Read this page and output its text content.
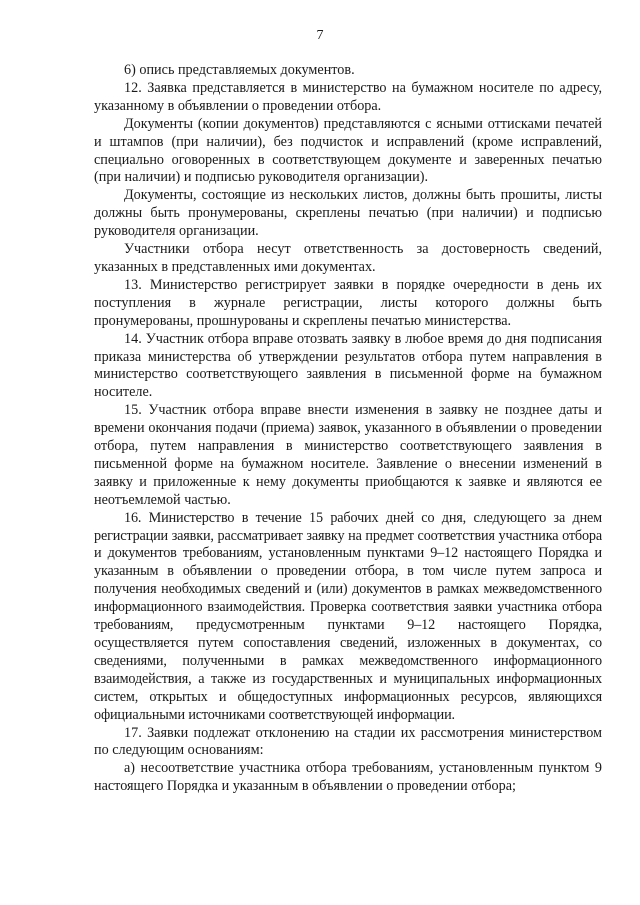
7

6) опись представляемых документов.

12. Заявка представляется в министерство на бумажном носителе по адресу, указанному в объявлении о проведении отбора.

Документы (копии документов) представляются с ясными оттисками печатей и штампов (при наличии), без подчисток и исправлений (кроме исправлений, специально оговоренных в соответствующем документе и заверенных печатью (при наличии) и подписью руководителя организации).

Документы, состоящие из нескольких листов, должны быть прошиты, листы должны быть пронумерованы, скреплены печатью (при наличии) и подписью руководителя организации.

Участники отбора несут ответственность за достоверность сведений, указанных в представленных ими документах.

13. Министерство регистрирует заявки в порядке очередности в день их поступления в журнале регистрации, листы которого должны быть пронумерованы, прошнурованы и скреплены печатью министерства.

14. Участник отбора вправе отозвать заявку в любое время до дня подписания приказа министерства об утверждении результатов отбора путем направления в министерство соответствующего заявления в письменной форме на бумажном носителе.

15. Участник отбора вправе внести изменения в заявку не позднее даты и времени окончания подачи (приема) заявок, указанного в объявлении о проведении отбора, путем направления в министерство соответствующего заявления в письменной форме на бумажном носителе. Заявление о внесении изменений в заявку и приложенные к нему документы приобщаются к заявке и являются ее неотъемлемой частью.

16. Министерство в течение 15 рабочих дней со дня, следующего за днем регистрации заявки, рассматривает заявку на предмет соответствия участника отбора и документов требованиям, установленным пунктами 9–12 настоящего Порядка и указанным в объявлении о проведении отбора, в том числе путем запроса и получения необходимых сведений и (или) документов в рамках межведомственного информационного взаимодействия. Проверка соответствия заявки участника отбора требованиям, предусмотренным пунктами 9–12 настоящего Порядка, осуществляется путем сопоставления сведений, изложенных в документах, со сведениями, полученными в рамках межведомственного информационного взаимодействия, а также из государственных и муниципальных информационных систем, открытых и общедоступных информационных ресурсов, являющихся официальными источниками соответствующей информации.

17. Заявки подлежат отклонению на стадии их рассмотрения министерством по следующим основаниям:

а) несоответствие участника отбора требованиям, установленным пунктом 9 настоящего Порядка и указанным в объявлении о проведении отбора;
